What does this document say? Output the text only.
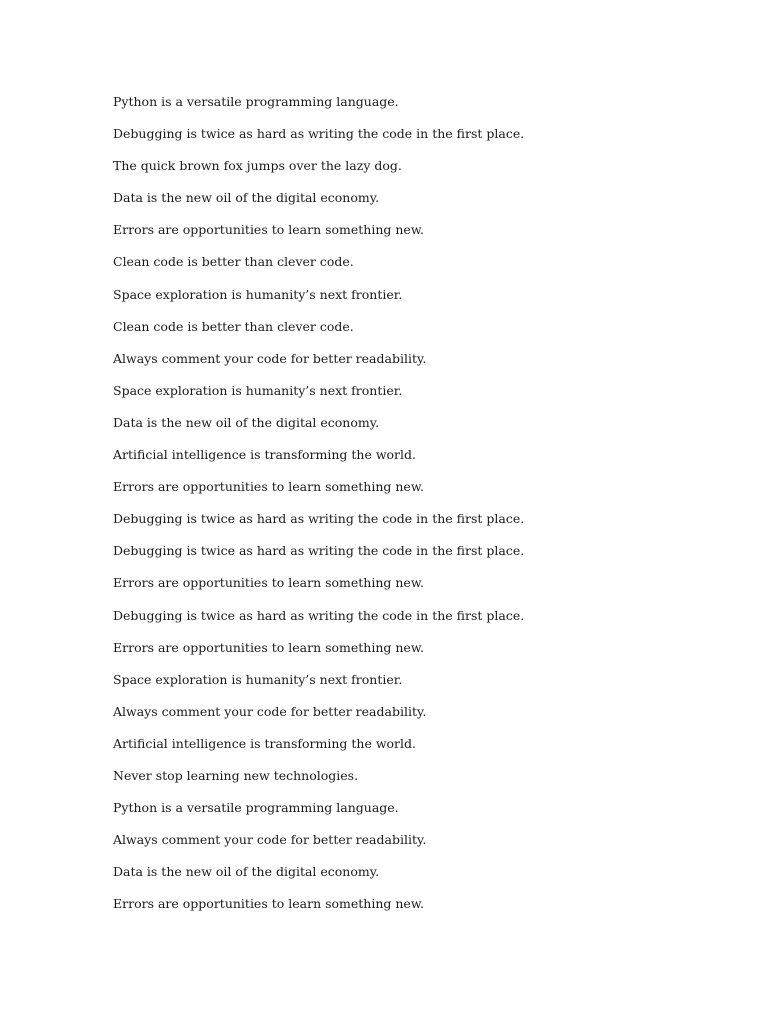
Python is a versatile programming language.
Debugging is twice as hard as writing the code in the first place.
The quick brown fox jumps over the lazy dog.
Data is the new oil of the digital economy.
Errors are opportunities to learn something new.
Clean code is better than clever code.
Space exploration is humanity’s next frontier.
Clean code is better than clever code.
Always comment your code for better readability.
Space exploration is humanity’s next frontier.
Data is the new oil of the digital economy.
Artificial intelligence is transforming the world.
Errors are opportunities to learn something new.
Debugging is twice as hard as writing the code in the first place.
Debugging is twice as hard as writing the code in the first place.
Errors are opportunities to learn something new.
Debugging is twice as hard as writing the code in the first place.
Errors are opportunities to learn something new.
Space exploration is humanity’s next frontier.
Always comment your code for better readability.
Artificial intelligence is transforming the world.
Never stop learning new technologies.
Python is a versatile programming language.
Always comment your code for better readability.
Data is the new oil of the digital economy.
Errors are opportunities to learn something new.
